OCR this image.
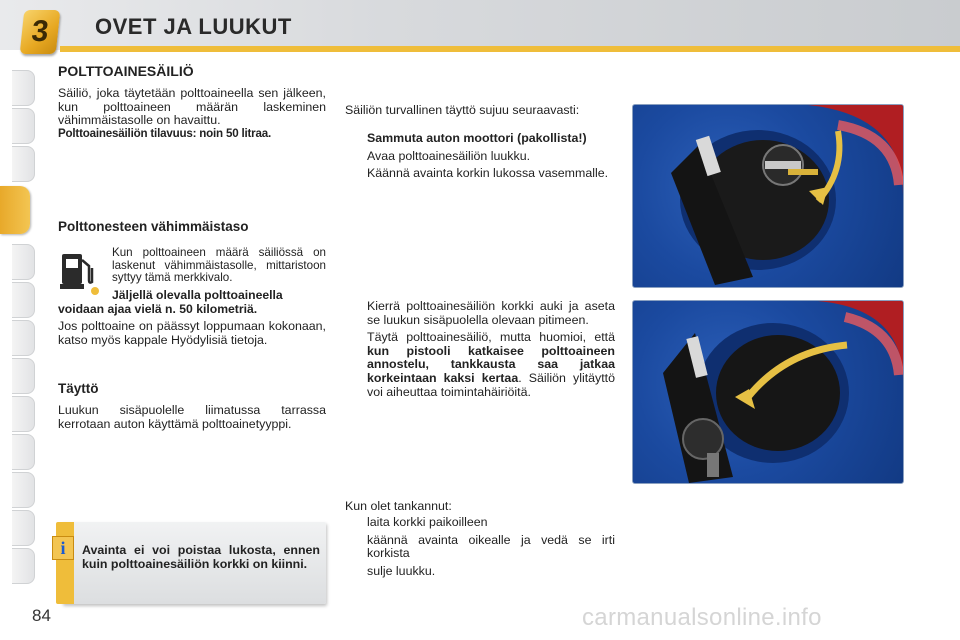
3	OVET JA LUUKUT
POLTTOAINESÄILIÖ
Säiliö, joka täytetään polttoaineella sen jälkeen, kun polttoaineen määrän laskeminen vähimmäistasolle on havaittu.
Polttoainesäiliön tilavuus: noin 50 litraa.
Polttonesteen vähimmäistaso
Kun polttoaineen määrä säiliössä on laskenut vähimmäistasolle, mittaristoon syttyy tämä merkkivalo.
Jäljellä olevalla polttoaineella
voidaan ajaa vielä n. 50 kilometriä.
Jos polttoaine on päässyt loppumaan kokonaan, katso myös kappale Hyödylisiä tietoja.
Täyttö
Luukun sisäpuolelle liimatussa tarrassa kerrotaan auton käyttämä polttoainetyyppi.
i	Avainta ei voi poistaa lukosta, ennen kuin polttoainesäiliön korkki on kiinni.
Säiliön turvallinen täyttö sujuu seuraavasti:
Sammuta auton moottori (pakollista!)
Avaa polttoainesäiliön luukku.
Käännä avainta korkin lukossa vasemmalle.
Kierrä polttoainesäiliön korkki auki ja aseta se luukun sisäpuolella olevaan pitimeen.
Täytä polttoainesäiliö, mutta huomioi, että kun pistooli katkaisee polttoaineen annostelu, tankkausta saa jatkaa korkeintaan kaksi kertaa. Säiliön ylitäyttö voi aiheuttaa toimintahäiriöitä.
Kun olet tankannut:
laita korkki paikoilleen
käännä avainta oikealle ja vedä se irti korkista
sulje luukku.
84	carmanualsonline.info
